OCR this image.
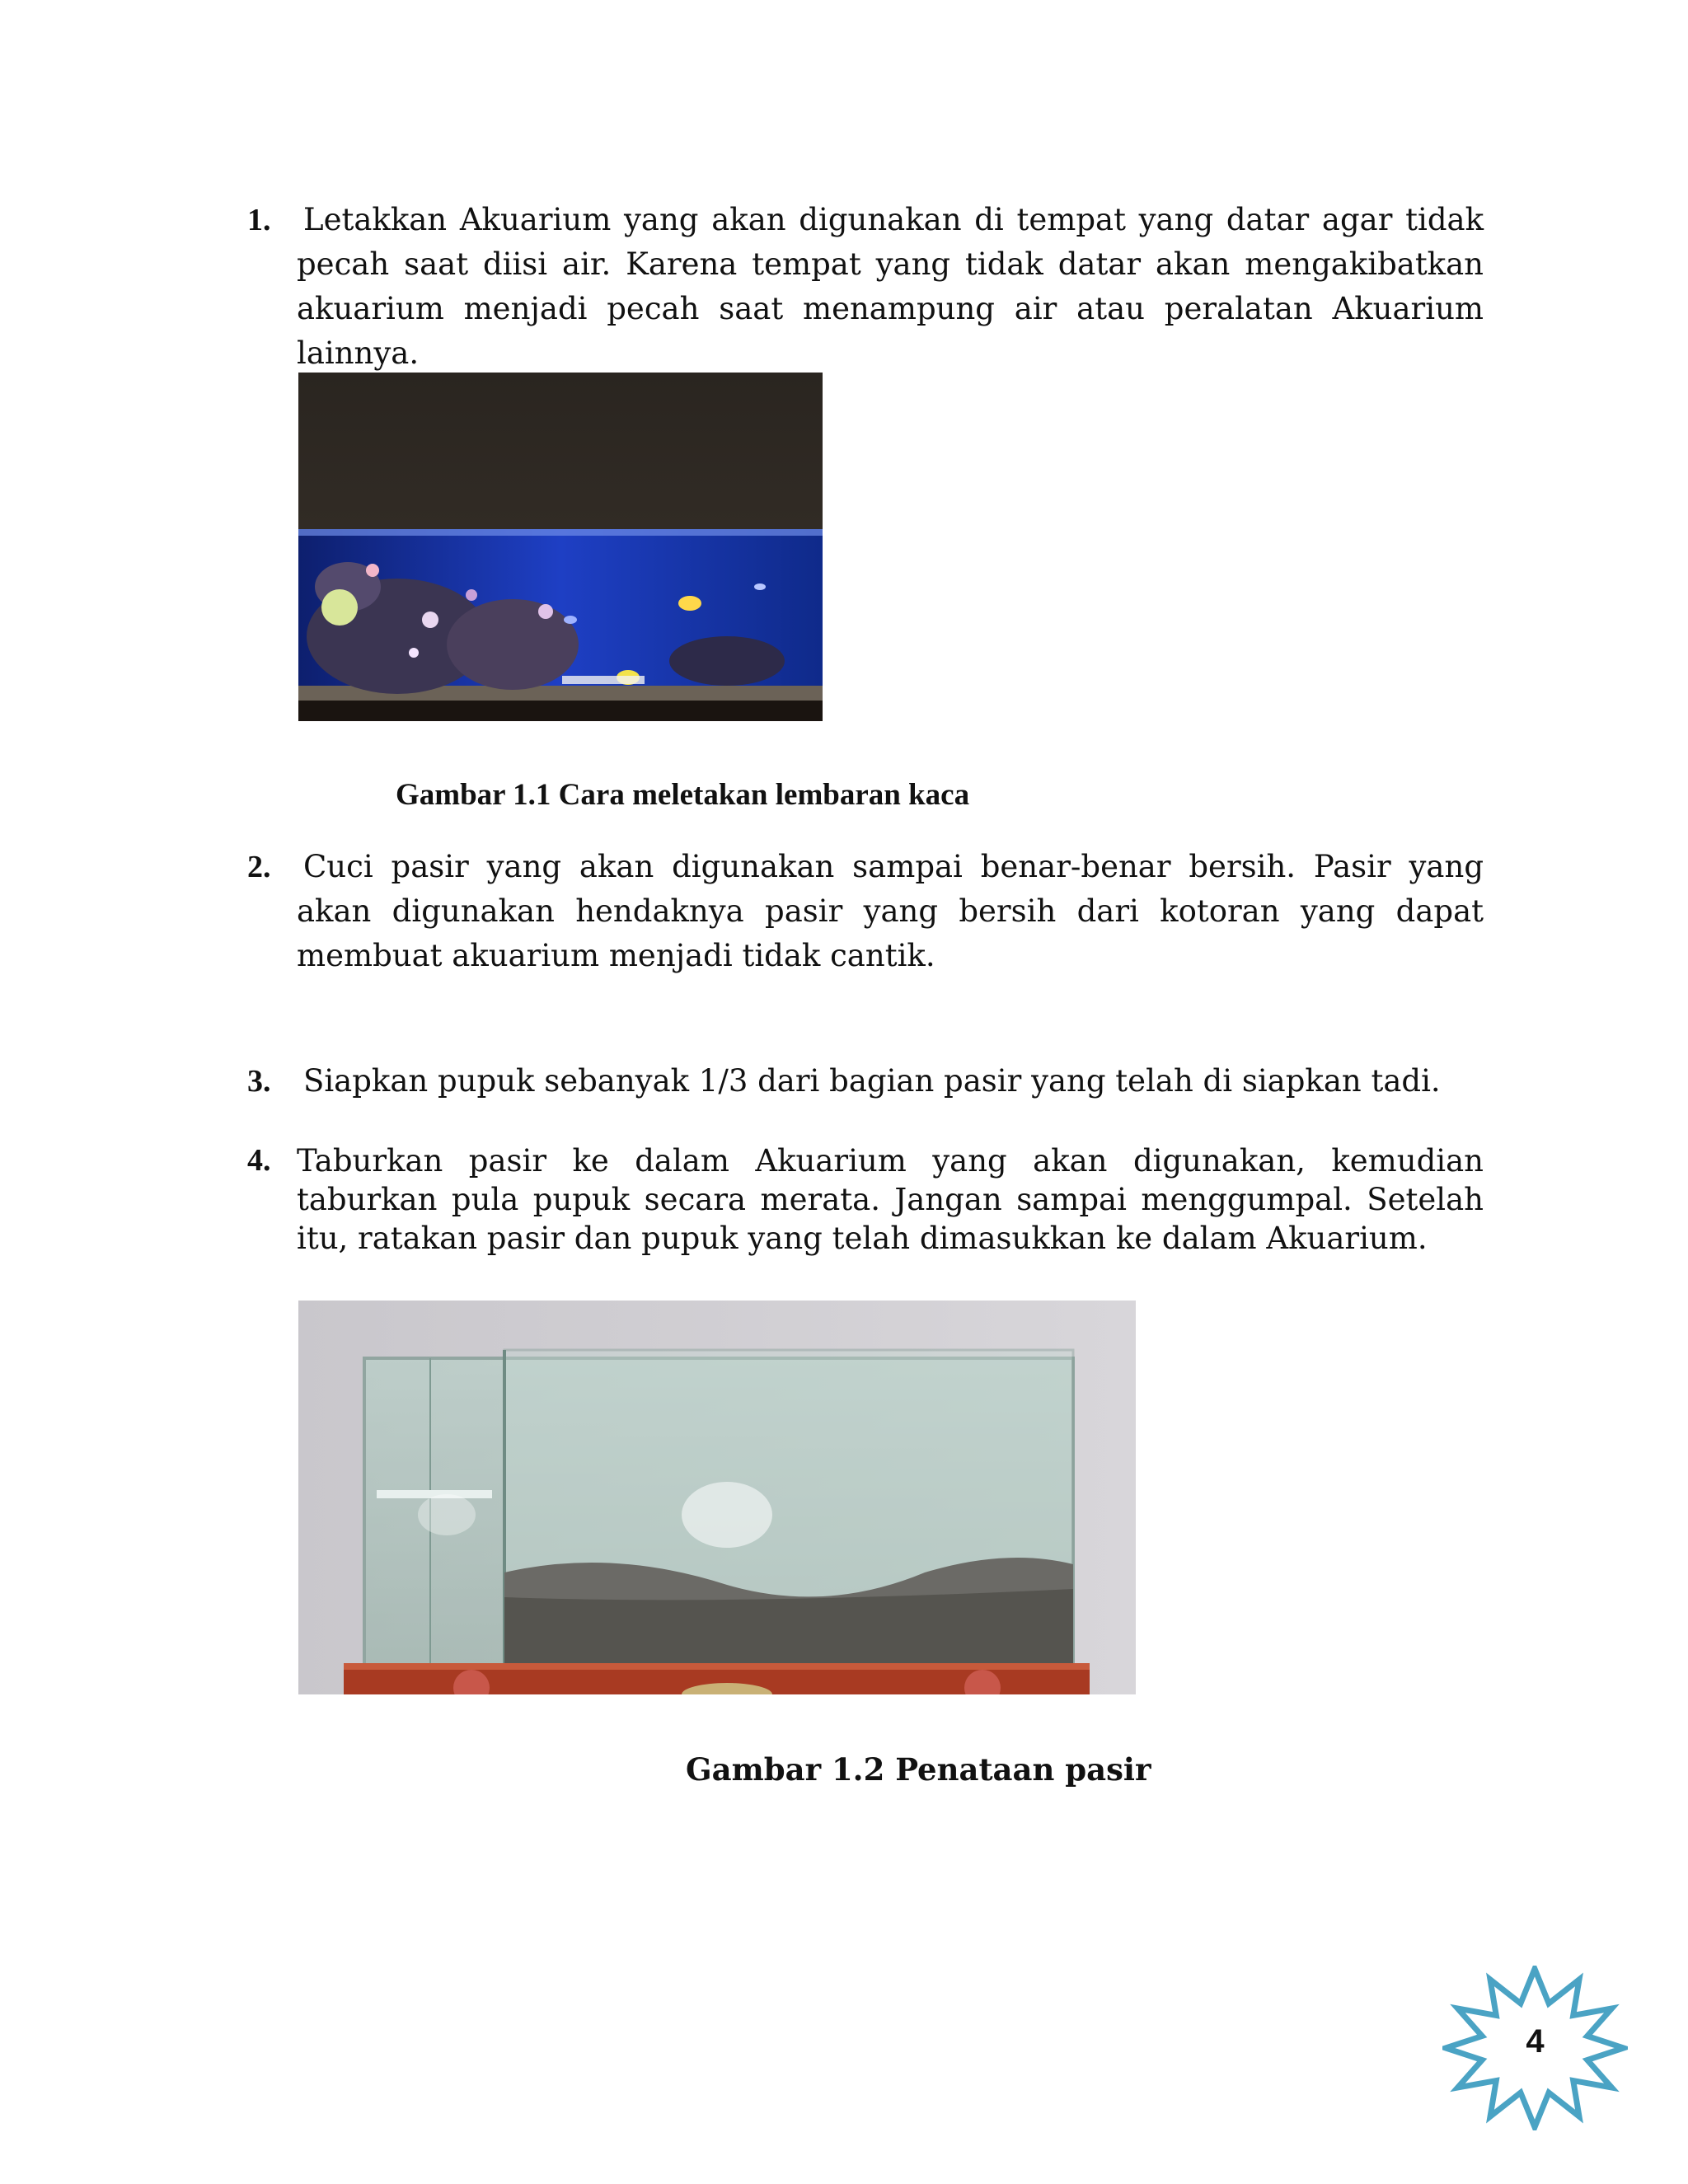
1. Letakkan Akuarium yang akan digunakan di tempat yang datar agar tidak pecah saat diisi air. Karena tempat yang tidak datar akan mengakibatkan akuarium menjadi pecah saat menampung air atau peralatan Akuarium lainnya.
Gambar 1.1 Cara meletakan lembaran kaca
2. Cuci pasir yang akan digunakan sampai benar-benar bersih. Pasir yang akan digunakan hendaknya pasir yang bersih dari kotoran yang dapat membuat akuarium menjadi tidak cantik.
3. Siapkan pupuk sebanyak 1/3 dari bagian pasir yang telah di siapkan tadi.
4. Taburkan pasir ke dalam Akuarium yang akan digunakan, kemudian taburkan pula pupuk secara merata. Jangan sampai menggumpal. Setelah itu, ratakan pasir dan pupuk yang telah dimasukkan ke dalam Akuarium.
Gambar 1.2 Penataan pasir
4
